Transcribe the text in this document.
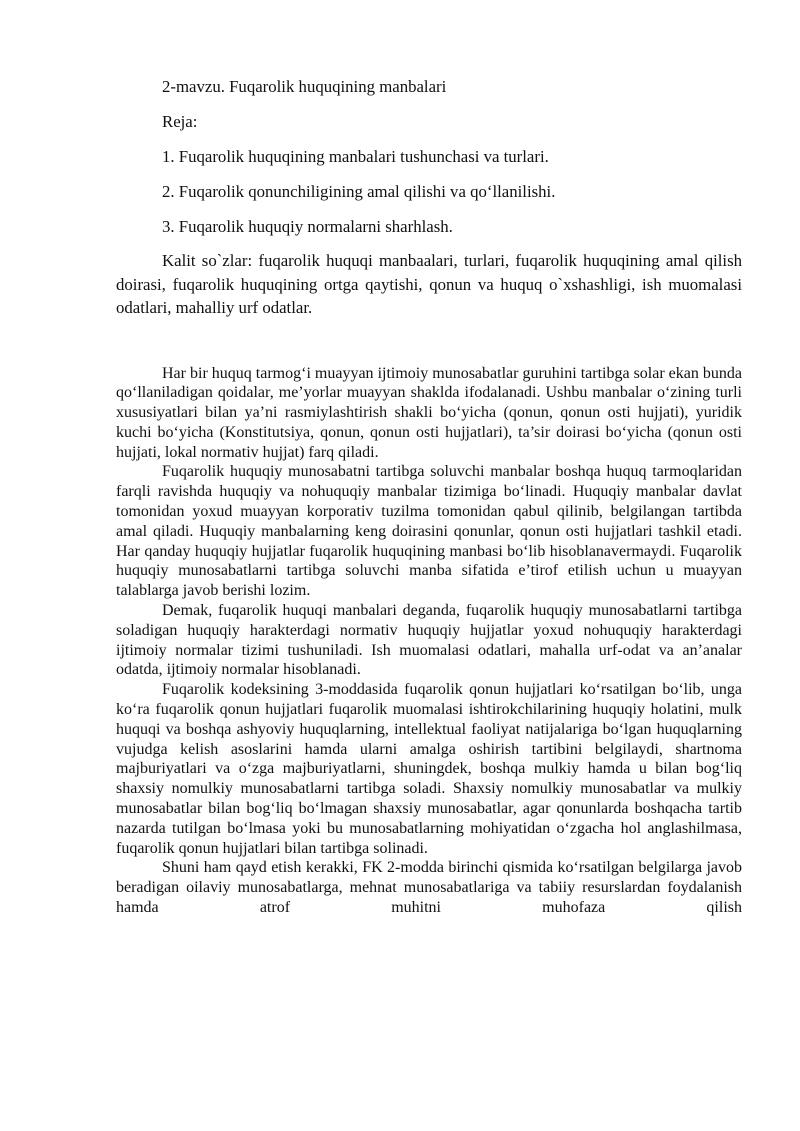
2-mavzu. Fuqarolik huquqining manbalari

Reja:

1. Fuqarolik huquqining manbalari tushunchasi va turlari.

2. Fuqarolik qonunchiligining amal qilishi va qo‘llanilishi.

3. Fuqarolik huquqiy normalarni sharhlash.

Kalit so`zlar: fuqarolik huquqi manbaalari, turlari, fuqarolik huquqining amal qilish doirasi, fuqarolik huquqining ortga qaytishi, qonun va huquq o`xshashligi, ish muomalasi odatlari, mahalliy urf odatlar.

Har bir huquq tarmog‘i muayyan ijtimoiy munosabatlar guruhini tartibga solar ekan bunda qo‘llaniladigan qoidalar, me’yorlar muayyan shaklda ifodalanadi. Ushbu manbalar o‘zining turli xususiyatlari bilan ya’ni rasmiylashtirish shakli bo‘yicha (qonun, qonun osti hujjati), yuridik kuchi bo‘yicha (Konstitutsiya, qonun, qonun osti hujjatlari), ta’sir doirasi bo‘yicha (qonun osti hujjati, lokal normativ hujjat) farq qiladi.

Fuqarolik huquqiy munosabatni tartibga soluvchi manbalar boshqa huquq tarmoqlaridan farqli ravishda huquqiy va nohuquqiy manbalar tizimiga bo‘linadi. Huquqiy manbalar davlat tomonidan yoxud muayyan korporativ tuzilma tomonidan qabul qilinib, belgilangan tartibda amal qiladi. Huquqiy manbalarning keng doirasini qonunlar, qonun osti hujjatlari tashkil etadi. Har qanday huquqiy hujjatlar fuqarolik huquqining manbasi bo‘lib hisoblanavermaydi. Fuqarolik huquqiy munosabatlarni tartibga soluvchi manba sifatida e’tirof etilish uchun u muayyan talablarga javob berishi lozim.

Demak, fuqarolik huquqi manbalari deganda, fuqarolik huquqiy munosabatlarni tartibga soladigan huquqiy harakterdagi normativ huquqiy hujjatlar yoxud nohuquqiy harakterdagi ijtimoiy normalar tizimi tushuniladi. Ish muomalasi odatlari, mahalla urf-odat va an’analar odatda, ijtimoiy normalar hisoblanadi.

Fuqarolik kodeksining 3-moddasida fuqarolik qonun hujjatlari ko‘rsatilgan bo‘lib, unga ko‘ra fuqarolik qonun hujjatlari fuqarolik muomalasi ishtirokchilarining huquqiy holatini, mulk huquqi va boshqa ashyoviy huquqlarning, intellektual faoliyat natijalariga bo‘lgan huquqlarning vujudga kelish asoslarini hamda ularni amalga oshirish tartibini belgilaydi, shartnoma majburiyatlari va o‘zga majburiyatlarni, shuningdek, boshqa mulkiy hamda u bilan bog‘liq shaxsiy nomulkiy munosabatlarni tartibga soladi. Shaxsiy nomulkiy munosabatlar va mulkiy munosabatlar bilan bog‘liq bo‘lmagan shaxsiy munosabatlar, agar qonunlarda boshqacha tartib nazarda tutilgan bo‘lmasa yoki bu munosabatlarning mohiyatidan o‘zgacha hol anglashilmasa, fuqarolik qonun hujjatlari bilan tartibga solinadi.

Shuni ham qayd etish kerakki, FK 2-modda birinchi qismida ko‘rsatilgan belgilarga javob beradigan oilaviy munosabatlarga, mehnat munosabatlariga va tabiiy resurslardan foydalanish hamda atrof muhitni muhofaza qilish
